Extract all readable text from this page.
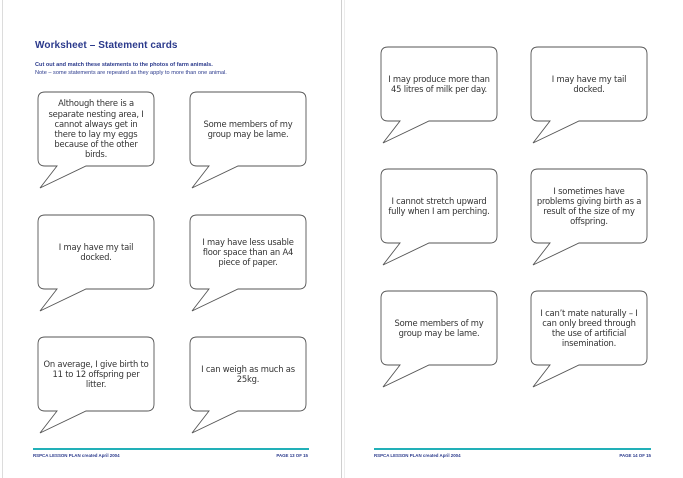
Worksheet – Statement cards
Cut out and match these statements to the photos of farm animals.
Note – some statements are repeated as they apply to more than one animal.
Although there is a separate nesting area, I cannot always get in there to lay my eggs because of the other birds.
Some members of my group may be lame.
I may have my tail docked.
I may have less usable floor space than an A4 piece of paper.
On average, I give birth to 11 to 12 offspring per litter.
I can weigh as much as 25kg.
RSPCA LESSON PLAN created April 2004	PAGE 13 OF 15
I may produce more than 45 litres of milk per day.
I may have my tail docked.
I cannot stretch upward fully when I am perching.
I sometimes have problems giving birth as a result of the size of my offspring.
Some members of my group may be lame.
I can’t mate naturally – I can only breed through the use of artificial insemination.
RSPCA LESSON PLAN created April 2004	PAGE 14 OF 15
